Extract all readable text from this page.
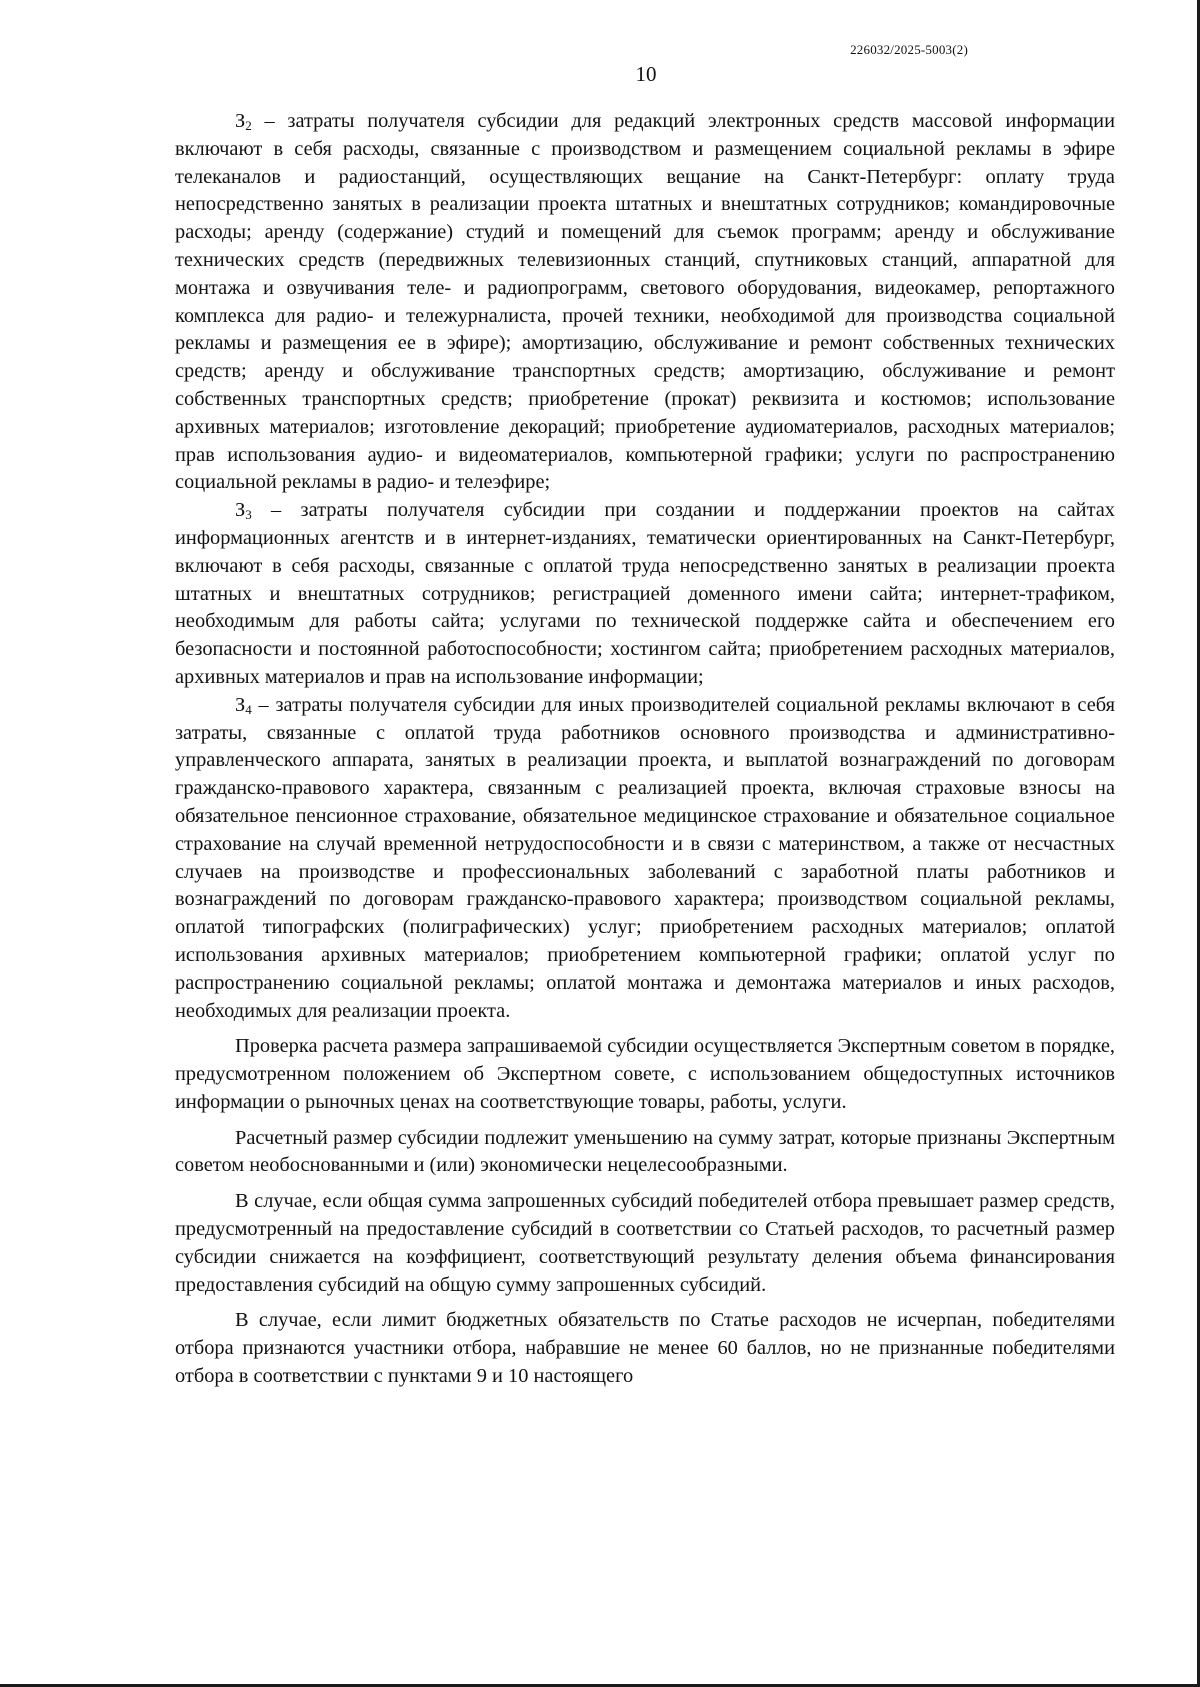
226032/2025-5003(2)
10

$З_2$ – затраты получателя субсидии для редакций электронных средств массовой информации включают в себя расходы, связанные с производством и размещением социальной рекламы в эфире телеканалов и радиостанций, осуществляющих вещание на Санкт-Петербург: оплату труда непосредственно занятых в реализации проекта штатных и внештатных сотрудников; командировочные расходы; аренду (содержание) студий и помещений для съемок программ; аренду и обслуживание технических средств (передвижных телевизионных станций, спутниковых станций, аппаратной для монтажа и озвучивания теле- и радиопрограмм, светового оборудования, видеокамер, репортажного комплекса для радио- и тележурналиста, прочей техники, необходимой для производства социальной рекламы и размещения ее в эфире); амортизацию, обслуживание и ремонт собственных технических средств; аренду и обслуживание транспортных средств; амортизацию, обслуживание и ремонт собственных транспортных средств; приобретение (прокат) реквизита и костюмов; использование архивных материалов; изготовление декораций; приобретение аудиоматериалов, расходных материалов; прав использования аудио- и видеоматериалов, компьютерной графики; услуги по распространению социальной рекламы в радио- и телеэфире;

$З_3$ – затраты получателя субсидии при создании и поддержании проектов на сайтах информационных агентств и в интернет-изданиях, тематически ориентированных на Санкт-Петербург, включают в себя расходы, связанные с оплатой труда непосредственно занятых в реализации проекта штатных и внештатных сотрудников; регистрацией доменного имени сайта; интернет-трафиком, необходимым для работы сайта; услугами по технической поддержке сайта и обеспечением его безопасности и постоянной работоспособности; хостингом сайта; приобретением расходных материалов, архивных материалов и прав на использование информации;

$З_4$ – затраты получателя субсидии для иных производителей социальной рекламы включают в себя затраты, связанные с оплатой труда работников основного производства и административно-управленческого аппарата, занятых в реализации проекта, и выплатой вознаграждений по договорам гражданско-правового характера, связанным с реализацией проекта, включая страховые взносы на обязательное пенсионное страхование, обязательное медицинское страхование и обязательное социальное страхование на случай временной нетрудоспособности и в связи с материнством, а также от несчастных случаев на производстве и профессиональных заболеваний с заработной платы работников и вознаграждений по договорам гражданско-правового характера; производством социальной рекламы, оплатой типографских (полиграфических) услуг; приобретением расходных материалов; оплатой использования архивных материалов; приобретением компьютерной графики; оплатой услуг по распространению социальной рекламы; оплатой монтажа и демонтажа материалов и иных расходов, необходимых для реализации проекта.

Проверка расчета размера запрашиваемой субсидии осуществляется Экспертным советом в порядке, предусмотренном положением об Экспертном совете, с использованием общедоступных источников информации о рыночных ценах на соответствующие товары, работы, услуги.

Расчетный размер субсидии подлежит уменьшению на сумму затрат, которые признаны Экспертным советом необоснованными и (или) экономически нецелесообразными.

В случае, если общая сумма запрошенных субсидий победителей отбора превышает размер средств, предусмотренный на предоставление субсидий в соответствии со Статьей расходов, то расчетный размер субсидии снижается на коэффициент, соответствующий результату деления объема финансирования предоставления субсидий на общую сумму запрошенных субсидий.

В случае, если лимит бюджетных обязательств по Статье расходов не исчерпан, победителями отбора признаются участники отбора, набравшие не менее 60 баллов, но не признанные победителями отбора в соответствии с пунктами 9 и 10 настоящего
